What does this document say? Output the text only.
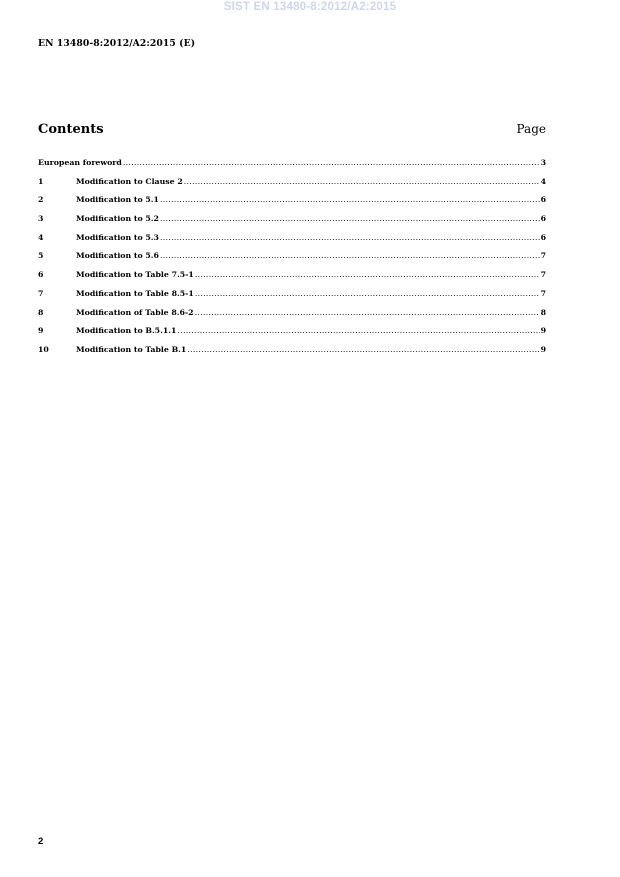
SIST EN 13480-8:2012/A2:2015
EN 13480-8:2012/A2:2015 (E)
Contents	Page
European foreword .....	3
1	Modification to Clause 2 .....	4
2	Modification to 5.1 .....	6
3	Modification to 5.2 .....	6
4	Modification to 5.3 .....	6
5	Modification to 5.6 .....	7
6	Modification to Table 7.5-1 .....	7
7	Modification to Table 8.5-1 .....	7
8	Modification of Table 8.6-2 .....	8
9	Modification to B.5.1.1 .....	9
10	Modification to Table B.1 .....	9
2
